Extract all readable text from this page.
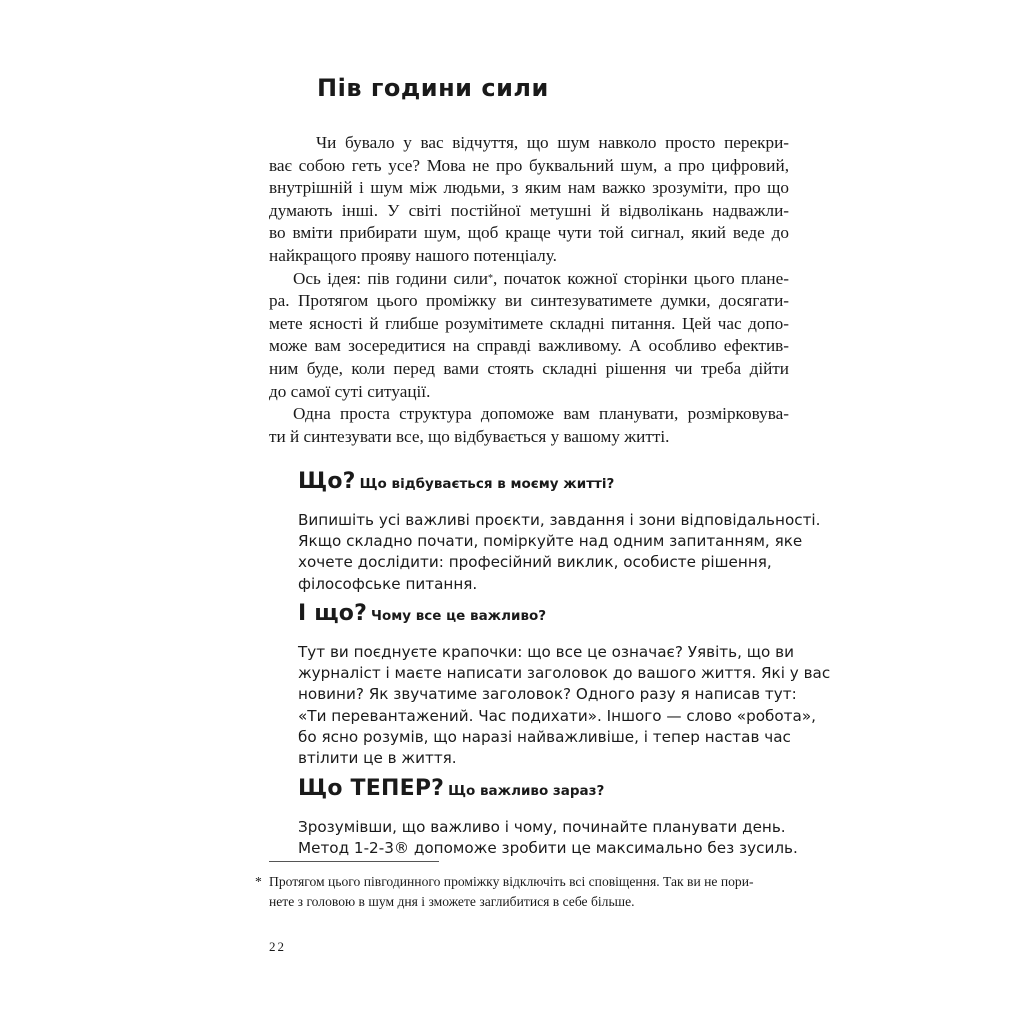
Пів години сили

Чи бувало у вас відчуття, що шум навколо просто перекри-
ває собою геть усе? Мова не про буквальний шум, а про цифровий,
внутрішній і шум між людьми, з яким нам важко зрозуміти, про що
думають інші. У світі постійної метушні й відволікань надважли-
во вміти прибирати шум, щоб краще чути той сигнал, який веде до
найкращого прояву нашого потенціалу.

Ось ідея: пів години сили*, початок кожної сторінки цього плане-
ра. Протягом цього проміжку ви синтезуватимете думки, досягати-
мете ясності й глибше розумітимете складні питання. Цей час допо-
може вам зосередитися на справді важливому. А особливо ефектив-
ним буде, коли перед вами стоять складні рішення чи треба дійти
до самої суті ситуації.

Одна проста структура допоможе вам планувати, розмірковува-
ти й синтезувати все, що відбувається у вашому житті.

Що? Що відбувається в моєму житті?
Випишіть усі важливі проєкти, завдання і зони відповідальності.
Якщо складно почати, поміркуйте над одним запитанням, яке
хочете дослідити: професійний виклик, особисте рішення,
філософське питання.
І що? Чому все це важливо?
Тут ви поєднуєте крапочки: що все це означає? Уявіть, що ви
журналіст і маєте написати заголовок до вашого життя. Які у вас
новини? Як звучатиме заголовок? Одного разу я написав тут:
«Ти перевантажений. Час подихати». Іншого — слово «робота»,
бо ясно розумів, що наразі найважливіше, і тепер настав час
втілити це в життя.
Що ТЕПЕР? Що важливо зараз?
Зрозумівши, що важливо і чому, починайте планувати день.
Метод 1-2-3® допоможе зробити це максимально без зусиль.
* Протягом цього півгодинного проміжку відключіть всі сповіщення. Так ви не пори-
нете з головою в шум дня і зможете заглибитися в себе більше.
22
